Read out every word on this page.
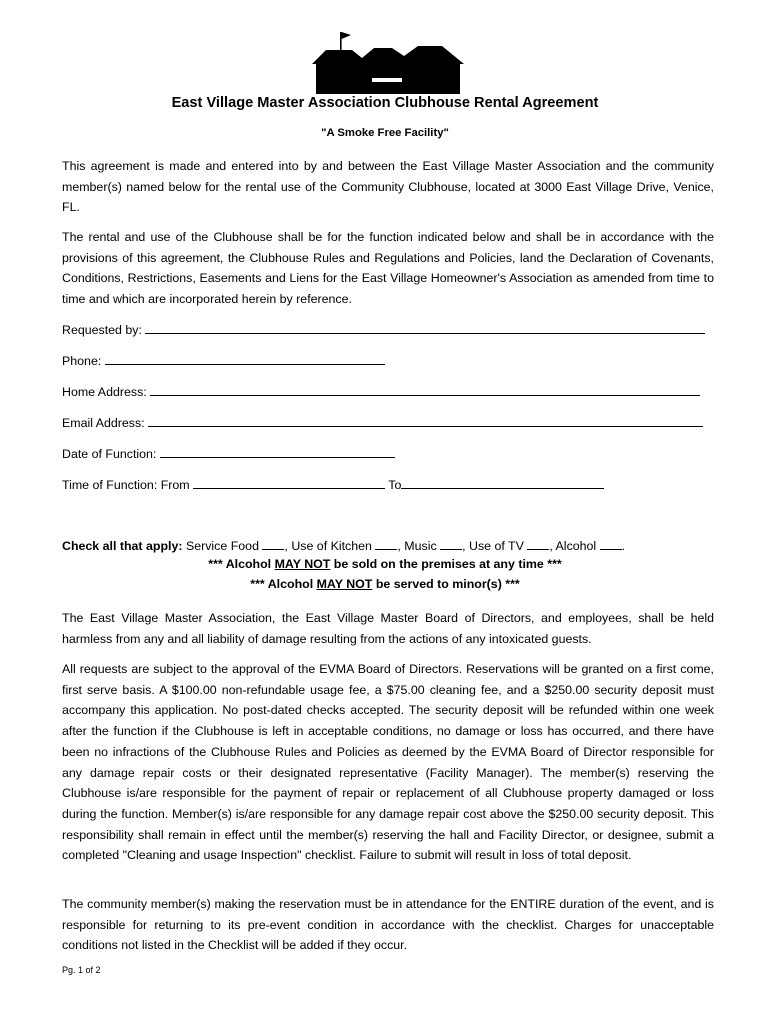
East Village Master Association Clubhouse Rental Agreement
"A Smoke Free Facility"
This agreement is made and entered into by and between the East Village Master Association and the community member(s) named below for the rental use of the Community Clubhouse, located at 3000 East Village Drive, Venice, FL.
The rental and use of the Clubhouse shall be for the function indicated below and shall be in accordance with the provisions of this agreement, the Clubhouse Rules and Regulations and Policies, land the Declaration of Covenants, Conditions, Restrictions, Easements and Liens for the East Village Homeowner's Association as amended from time to time and which are incorporated herein by reference.
Requested by:
Phone:
Home Address:
Email Address:
Date of Function:
Time of Function: From	To
Check all that apply: Service Food , Use of Kitchen , Music , Use of TV , Alcohol .
*** Alcohol MAY NOT be sold on the premises at any time ***
*** Alcohol MAY NOT be served to minor(s) ***
The East Village Master Association, the East Village Master Board of Directors, and employees, shall be held harmless from any and all liability of damage resulting from the actions of any intoxicated guests.
All requests are subject to the approval of the EVMA Board of Directors. Reservations will be granted on a first come, first serve basis. A $100.00 non-refundable usage fee, a $75.00 cleaning fee, and a $250.00 security deposit must accompany this application. No post-dated checks accepted. The security deposit will be refunded within one week after the function if the Clubhouse is left in acceptable conditions, no damage or loss has occurred, and there have been no infractions of the Clubhouse Rules and Policies as deemed by the EVMA Board of Director responsible for any damage repair costs or their designated representative (Facility Manager). The member(s) reserving the Clubhouse is/are responsible for the payment of repair or replacement of all Clubhouse property damaged or loss during the function. Member(s) is/are responsible for any damage repair cost above the $250.00 security deposit. This responsibility shall remain in effect until the member(s) reserving the hall and Facility Director, or designee, submit a completed "Cleaning and usage Inspection" checklist. Failure to submit will result in loss of total deposit.
The community member(s) making the reservation must be in attendance for the ENTIRE duration of the event, and is responsible for returning to its pre-event condition in accordance with the checklist. Charges for unacceptable conditions not listed in the Checklist will be added if they occur.
Pg. 1 of 2
